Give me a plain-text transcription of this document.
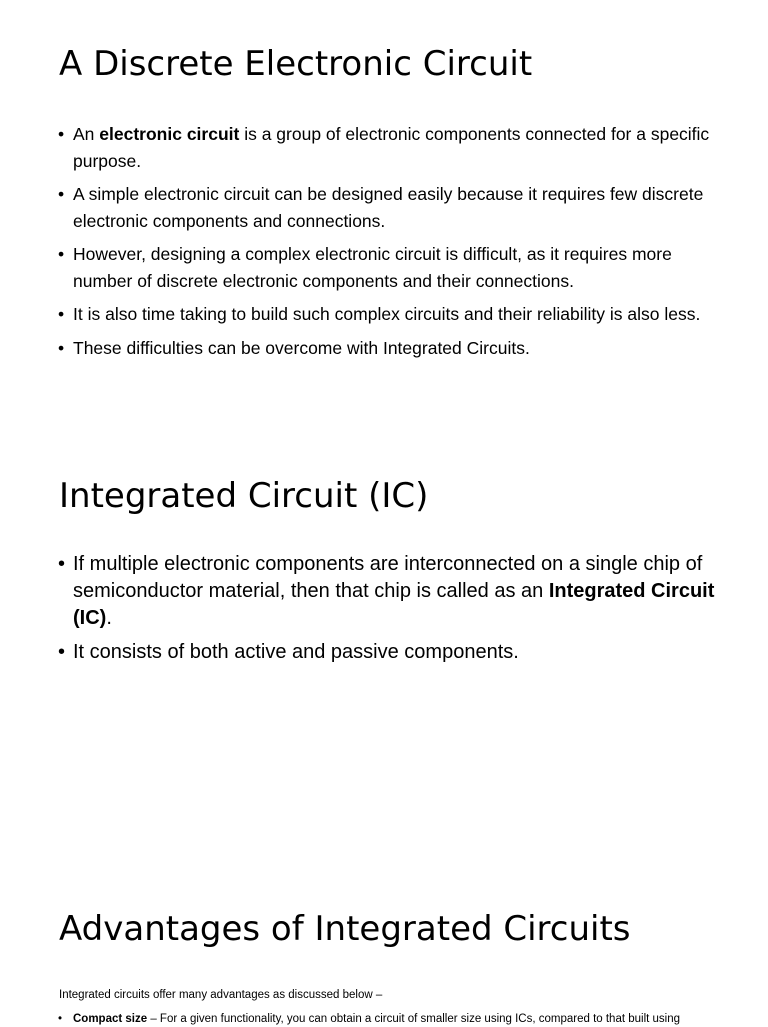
A Discrete Electronic Circuit
• An electronic circuit is a group of electronic components connected for a specific purpose.
• A simple electronic circuit can be designed easily because it requires few discrete electronic components and connections.
• However, designing a complex electronic circuit is difficult, as it requires more number of discrete electronic components and their connections.
• It is also time taking to build such complex circuits and their reliability is also less.
• These difficulties can be overcome with Integrated Circuits.
Integrated Circuit (IC)
• If multiple electronic components are interconnected on a single chip of semiconductor material, then that chip is called as an Integrated Circuit (IC).
• It consists of both active and passive components.
Advantages of Integrated Circuits

Integrated circuits offer many advantages as discussed below –

• Compact size – For a given functionality, you can obtain a circuit of smaller size using ICs, compared to that built using
